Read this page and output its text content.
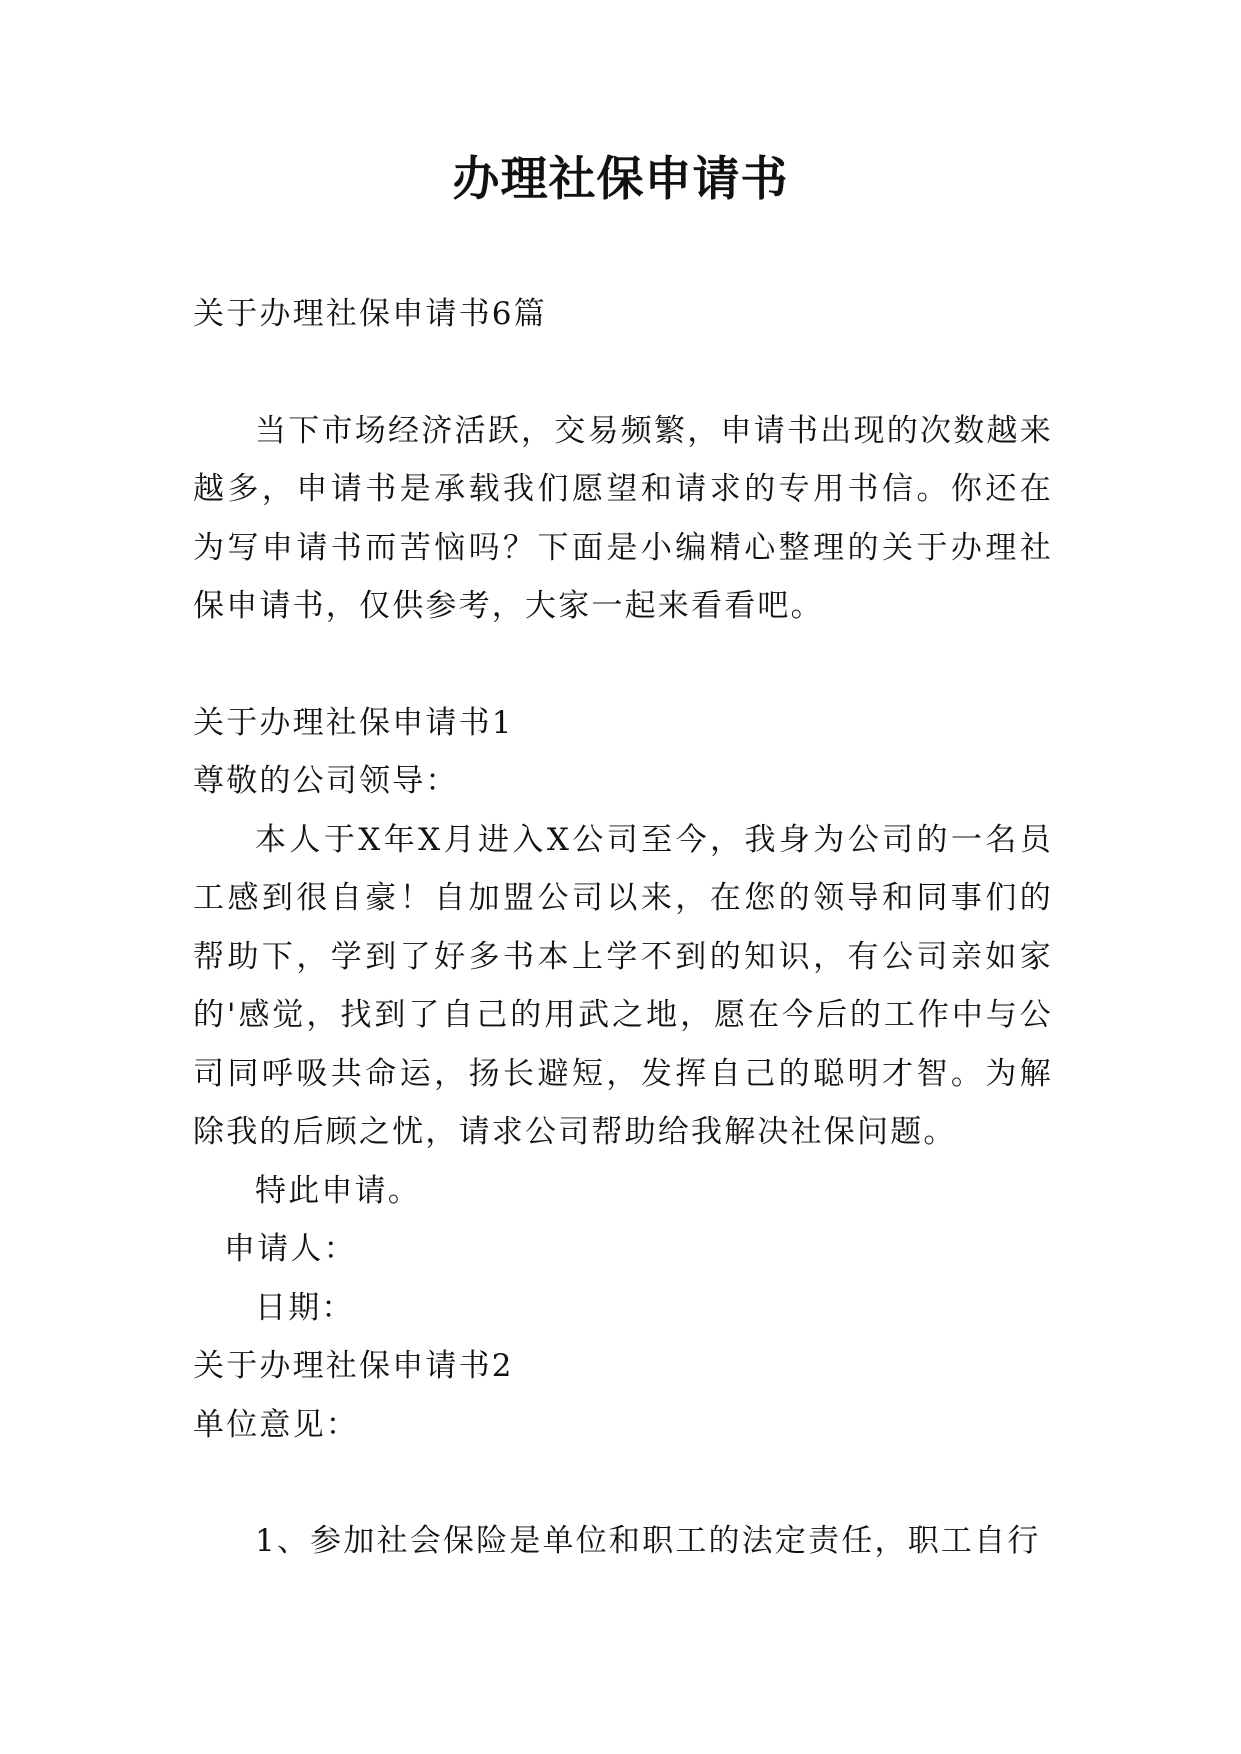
办理社保申请书

关于办理社保申请书6篇

当下市场经济活跃，交易频繁，申请书出现的次数越来越多，申请书是承载我们愿望和请求的专用书信。你还在为写申请书而苦恼吗？下面是小编精心整理的关于办理社保申请书，仅供参考，大家一起来看看吧。

关于办理社保申请书1

尊敬的公司领导：

本人于X年X月进入X公司至今，我身为公司的一名员工感到很自豪！自加盟公司以来，在您的领导和同事们的帮助下，学到了好多书本上学不到的知识，有公司亲如家的'感觉，找到了自己的用武之地，愿在今后的工作中与公司同呼吸共命运，扬长避短，发挥自己的聪明才智。为解除我的后顾之忧，请求公司帮助给我解决社保问题。

特此申请。

申请人：

日期：

关于办理社保申请书2

单位意见：

1、参加社会保险是单位和职工的法定责任，职工自行
